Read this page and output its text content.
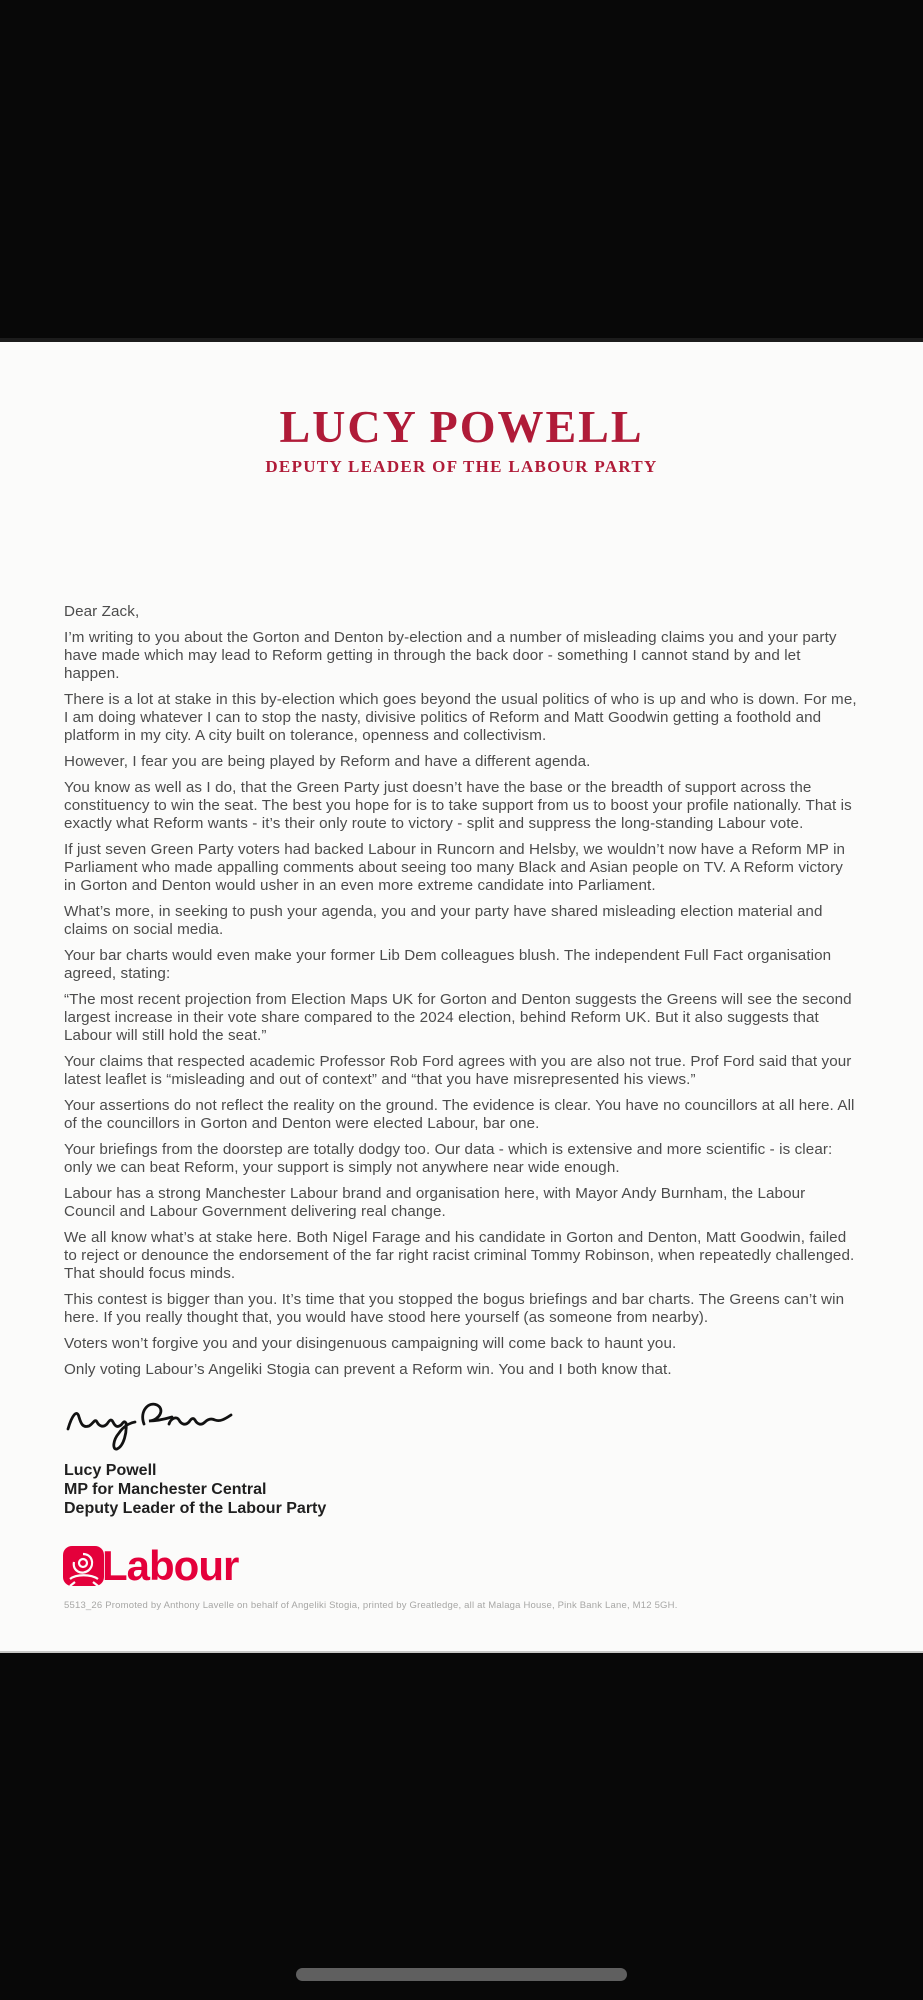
LUCY POWELL
DEPUTY LEADER OF THE LABOUR PARTY

Dear Zack,

I’m writing to you about the Gorton and Denton by-election and a number of misleading claims you and your party have made which may lead to Reform getting in through the back door - something I cannot stand by and let happen.

There is a lot at stake in this by-election which goes beyond the usual politics of who is up and who is down. For me, I am doing whatever I can to stop the nasty, divisive politics of Reform and Matt Goodwin getting a foothold and platform in my city. A city built on tolerance, openness and collectivism.

However, I fear you are being played by Reform and have a different agenda.

You know as well as I do, that the Green Party just doesn’t have the base or the breadth of support across the constituency to win the seat. The best you hope for is to take support from us to boost your profile nationally. That is exactly what Reform wants - it’s their only route to victory - split and suppress the long-standing Labour vote.

If just seven Green Party voters had backed Labour in Runcorn and Helsby, we wouldn’t now have a Reform MP in Parliament who made appalling comments about seeing too many Black and Asian people on TV. A Reform victory in Gorton and Denton would usher in an even more extreme candidate into Parliament.

What’s more, in seeking to push your agenda, you and your party have shared misleading election material and claims on social media.

Your bar charts would even make your former Lib Dem colleagues blush. The independent Full Fact organisation agreed, stating:

“The most recent projection from Election Maps UK for Gorton and Denton suggests the Greens will see the second largest increase in their vote share compared to the 2024 election, behind Reform UK. But it also suggests that Labour will still hold the seat.”

Your claims that respected academic Professor Rob Ford agrees with you are also not true. Prof Ford said that your latest leaflet is “misleading and out of context” and “that you have misrepresented his views.”

Your assertions do not reflect the reality on the ground. The evidence is clear. You have no councillors at all here. All of the councillors in Gorton and Denton were elected Labour, bar one.

Your briefings from the doorstep are totally dodgy too. Our data - which is extensive and more scientific - is clear: only we can beat Reform, your support is simply not anywhere near wide enough.

Labour has a strong Manchester Labour brand and organisation here, with Mayor Andy Burnham, the Labour Council and Labour Government delivering real change.

We all know what’s at stake here. Both Nigel Farage and his candidate in Gorton and Denton, Matt Goodwin, failed to reject or denounce the endorsement of the far right racist criminal Tommy Robinson, when repeatedly challenged. That should focus minds.

This contest is bigger than you. It’s time that you stopped the bogus briefings and bar charts. The Greens can’t win here. If you really thought that, you would have stood here yourself (as someone from nearby).

Voters won’t forgive you and your disingenuous campaigning will come back to haunt you.

Only voting Labour’s Angeliki Stogia can prevent a Reform win. You and I both know that.

Lucy Powell
MP for Manchester Central
Deputy Leader of the Labour Party
Labour
5513_26 Promoted by Anthony Lavelle on behalf of Angeliki Stogia, printed by Greatledge, all at Malaga House, Pink Bank Lane, M12 5GH.
